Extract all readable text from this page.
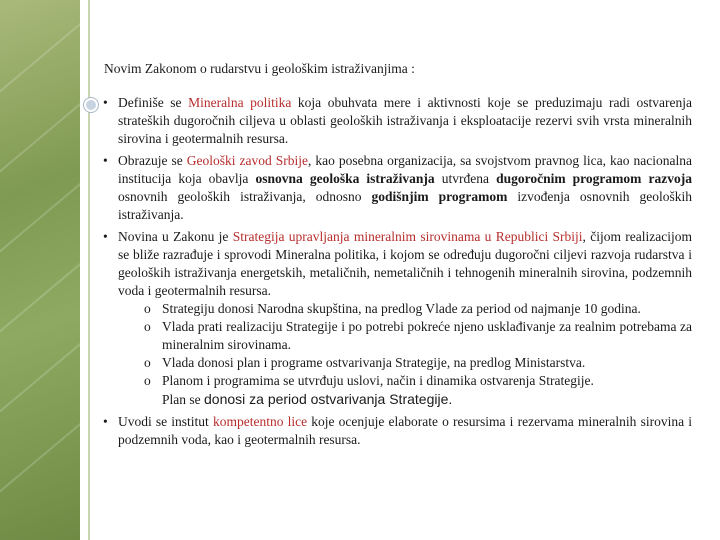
Novim Zakonom o rudarstvu i geološkim istraživanjima :

• Definiše se Mineralna politika koja obuhvata mere i aktivnosti koje se preduzimaju radi ostvarenja strateških dugoročnih ciljeva u oblasti geoloških istraživanja i eksploatacije rezervi svih vrsta mineralnih sirovina i geotermalnih resursa.
• Obrazuje se Geološki zavod Srbije, kao posebna organizacija, sa svojstvom pravnog lica, kao nacionalna institucija koja obavlja osnovna geološka istraživanja utvrđena dugoročnim programom razvoja osnovnih geoloških istraživanja, odnosno godišnjim programom izvođenja osnovnih geoloških istraživanja.
• Novina u Zakonu je Strategija upravljanja mineralnim sirovinama u Republici Srbiji, čijom realizacijom se bliže razrađuje i sprovodi Mineralna politika, i kojom se određuju dugoročni ciljevi razvoja rudarstva i geoloških istraživanja energetskih, metaličnih, nemetaličnih i tehnogenih mineralnih sirovina, podzemnih voda i geotermalnih resursa.
o Strategiju donosi Narodna skupština, na predlog Vlade za period od najmanje 10 godina.
o Vlada prati realizaciju Strategije i po potrebi pokreće njeno usklađivanje za realnim potrebama za mineralnim sirovinama.
o Vlada donosi plan i programe ostvarivanja Strategije, na predlog Ministarstva.
o Planom i programima se utvrđuju uslovi, način i dinamika ostvarenja Strategije.
Plan se donosi za period ostvarivanja Strategije.
• Uvodi se institut kompetentno lice koje ocenjuje elaborate o resursima i rezervama mineralnih sirovina i podzemnih voda, kao i geotermalnih resursa.
